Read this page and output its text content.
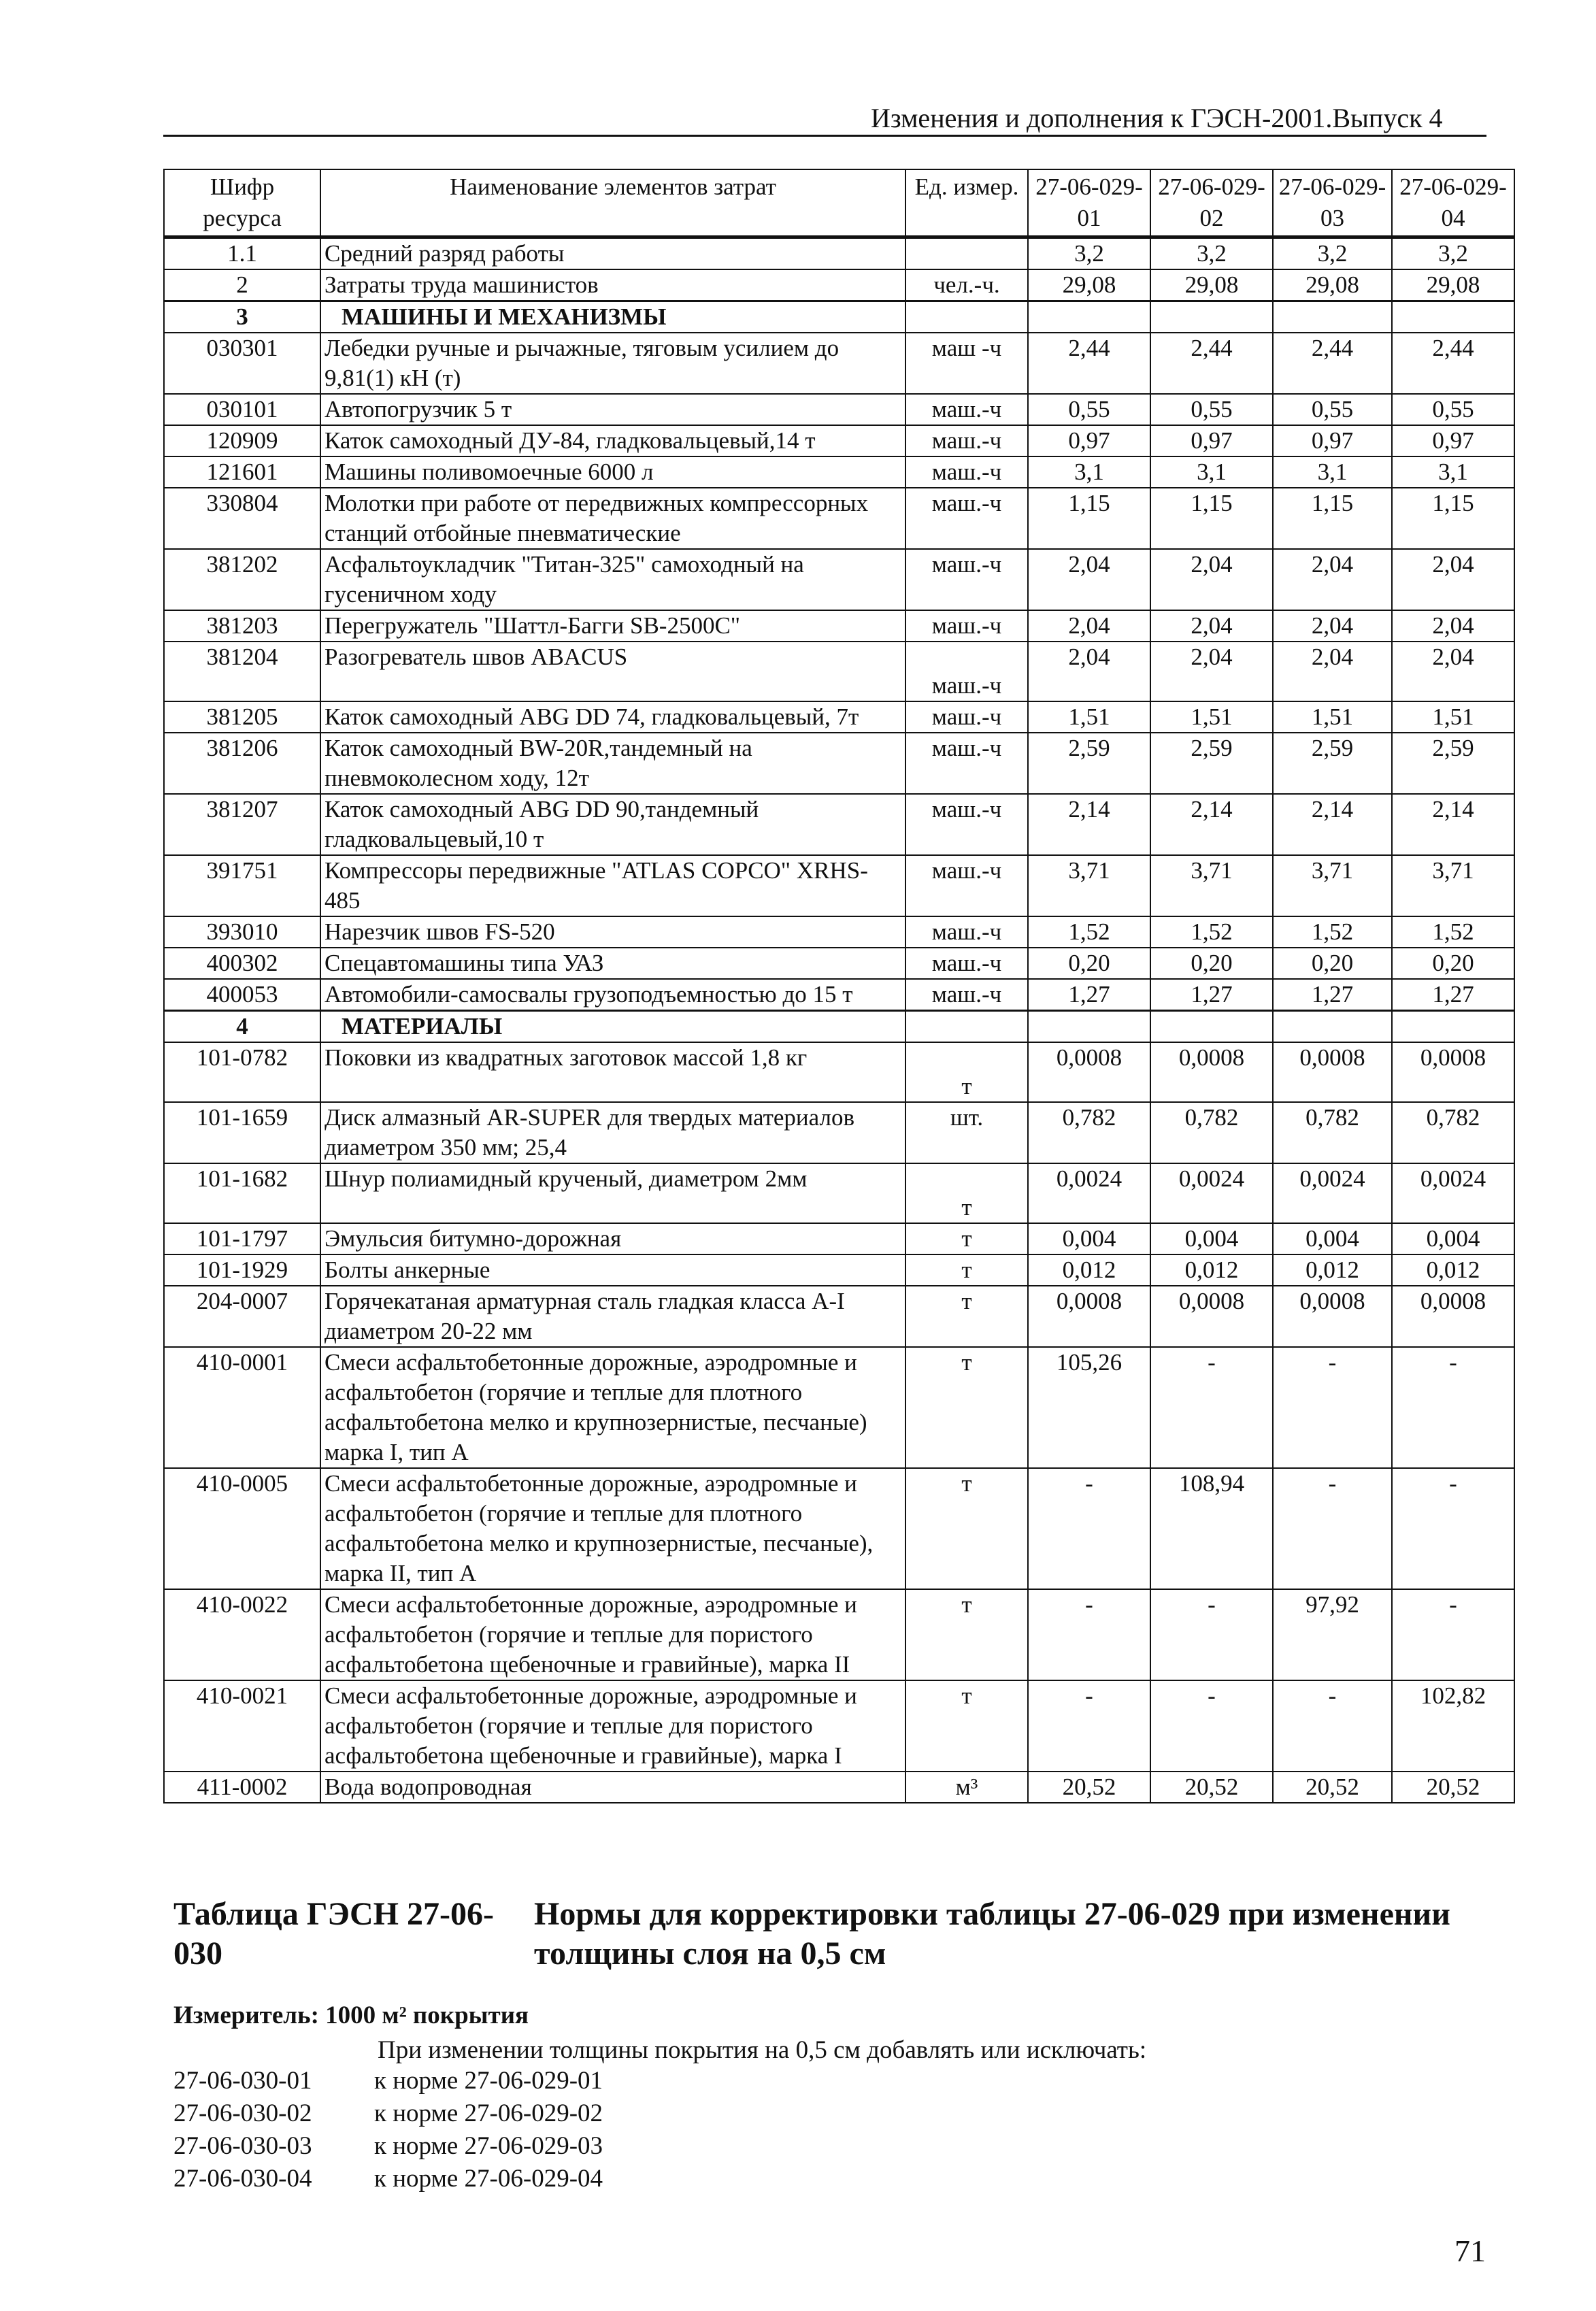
Изменения и дополнения к ГЭСН-2001.Выпуск 4
Шифр ресурса	Наименование элементов затрат	Ед. измер.	27-06-029-01	27-06-029-02	27-06-029-03	27-06-029-04
1.1	Средний разряд работы		3,2	3,2	3,2	3,2
2	Затраты труда машинистов	чел.-ч.	29,08	29,08	29,08	29,08
3	МАШИНЫ И МЕХАНИЗМЫ					
030301	Лебедки ручные и рычажные, тяговым усилием до 9,81(1) кН (т)	маш -ч	2,44	2,44	2,44	2,44
030101	Автопогрузчик 5 т	маш.-ч	0,55	0,55	0,55	0,55
120909	Каток самоходный ДУ-84, гладковальцевый,14 т	маш.-ч	0,97	0,97	0,97	0,97
121601	Машины поливомоечные 6000 л	маш.-ч	3,1	3,1	3,1	3,1
330804	Молотки при работе от передвижных компрессорных станций отбойные пневматические	маш.-ч	1,15	1,15	1,15	1,15
381202	Асфальтоукладчик "Титан-325" самоходный на гусеничном ходу	маш.-ч	2,04	2,04	2,04	2,04
381203	Перегружатель "Шаттл-Багги SB-2500C"	маш.-ч	2,04	2,04	2,04	2,04
381204	Разогреватель швов ABACUS	маш.-ч	2,04	2,04	2,04	2,04
381205	Каток самоходный ABG DD 74, гладковальцевый, 7т	маш.-ч	1,51	1,51	1,51	1,51
381206	Каток самоходный BW-20R,тандемный на пневмоколесном ходу, 12т	маш.-ч	2,59	2,59	2,59	2,59
381207	Каток самоходный ABG DD 90,тандемный гладковальцевый,10 т	маш.-ч	2,14	2,14	2,14	2,14
391751	Компрессоры передвижные "ATLAS COPCO" XRHS-485	маш.-ч	3,71	3,71	3,71	3,71
393010	Нарезчик швов FS-520	маш.-ч	1,52	1,52	1,52	1,52
400302	Спецавтомашины типа УАЗ	маш.-ч	0,20	0,20	0,20	0,20
400053	Автомобили-самосвалы грузоподъемностью до 15 т	маш.-ч	1,27	1,27	1,27	1,27
4	МАТЕРИАЛЫ					
101-0782	Поковки из квадратных заготовок массой 1,8 кг	т	0,0008	0,0008	0,0008	0,0008
101-1659	Диск алмазный AR-SUPER для твердых материалов диаметром 350 мм; 25,4	шт.	0,782	0,782	0,782	0,782
101-1682	Шнур полиамидный крученый, диаметром 2мм	т	0,0024	0,0024	0,0024	0,0024
101-1797	Эмульсия битумно-дорожная	т	0,004	0,004	0,004	0,004
101-1929	Болты анкерные	т	0,012	0,012	0,012	0,012
204-0007	Горячекатаная арматурная сталь гладкая класса А-I диаметром 20-22 мм	т	0,0008	0,0008	0,0008	0,0008
410-0001	Смеси асфальтобетонные дорожные, аэродромные и асфальтобетон (горячие и теплые для плотного асфальтобетона мелко и крупнозернистые, песчаные) марка I, тип А	т	105,26	-	-	-
410-0005	Смеси асфальтобетонные дорожные, аэродромные и асфальтобетон (горячие и теплые для плотного асфальтобетона мелко и крупнозернистые, песчаные), марка II, тип А	т	-	108,94	-	-
410-0022	Смеси асфальтобетонные дорожные, аэродромные и асфальтобетон (горячие и теплые для пористого асфальтобетона щебеночные и гравийные), марка II	т	-	-	97,92	-
410-0021	Смеси асфальтобетонные дорожные, аэродромные и асфальтобетон (горячие и теплые для пористого асфальтобетона щебеночные и гравийные), марка I	т	-	-	-	102,82
411-0002	Вода водопроводная	м³	20,52	20,52	20,52	20,52
Таблица ГЭСН 27-06-030
Нормы для корректировки таблицы 27-06-029 при изменении толщины слоя на 0,5 см
Измеритель: 1000 м² покрытия
При изменении толщины покрытия на 0,5 см добавлять или исключать:
27-06-030-01	к норме 27-06-029-01
27-06-030-02	к норме 27-06-029-02
27-06-030-03	к норме 27-06-029-03
27-06-030-04	к норме 27-06-029-04
71
